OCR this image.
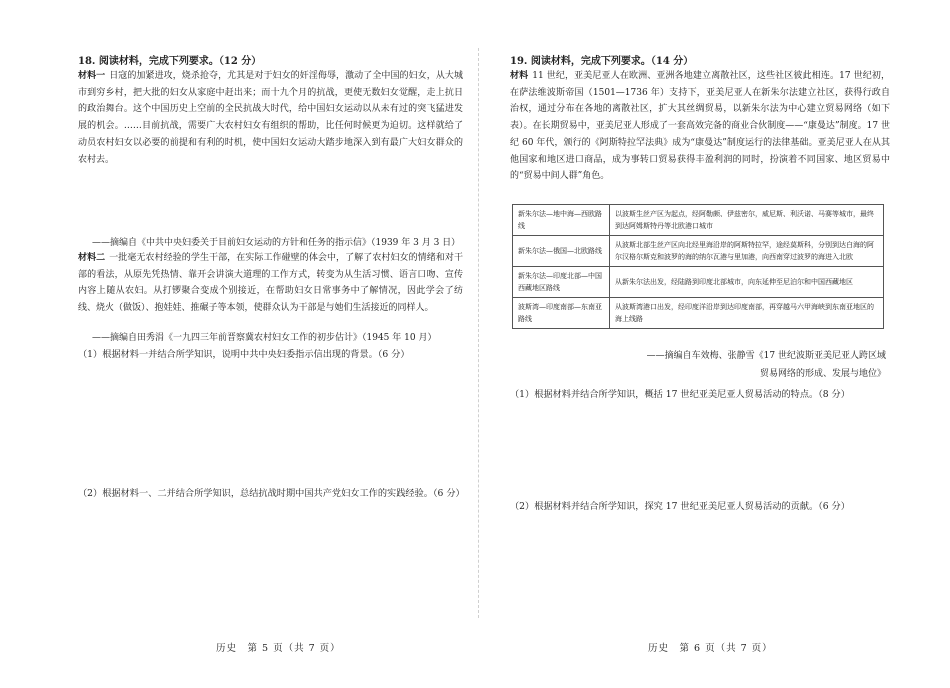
18. 阅读材料，完成下列要求。（12 分）
材料一 日寇的加紧进攻，烧杀抢夺，尤其是对于妇女的奸淫侮辱，激动了全中国的妇女，从大城市到穷乡村，把大批的妇女从家庭中赶出来；而十九个月的抗战，更使无数妇女觉醒，走上抗日的政治舞台。这个中国历史上空前的全民抗战大时代，给中国妇女运动以从未有过的突飞猛进发展的机会。……目前抗战，需要广大农村妇女有组织的帮助，比任何时候更为迫切。这样就给了动员农村妇女以必要的前提和有利的时机，使中国妇女运动大踏步地深入到有最广大妇女群众的农村去。
——摘编自《中共中央妇委关于目前妇女运动的方针和任务的指示信》（1939 年 3 月 3 日）
材料二 一批毫无农村经验的学生干部，在实际工作碰壁的体会中，了解了农村妇女的情绪和对干部的看法，从原先凭热情、靠开会讲演大道理的工作方式，转变为从生活习惯、语言口吻、宣传内容上随从农妇。从打锣聚合变成个别接近，在帮助妇女日常事务中了解情况，因此学会了纺线、烧火（做饭）、抱娃娃、推碾子等本领，使群众认为干部是与她们生活接近的同样人。
——摘编自田秀涓《一九四三年前晋察冀农村妇女工作的初步估计》（1945 年 10 月）
（1）根据材料一并结合所学知识，说明中共中央妇委指示信出现的背景。（6 分）
（2）根据材料一、二并结合所学知识，总结抗战时期中国共产党妇女工作的实践经验。（6 分）
历史　第 5 页（共 7 页）
19. 阅读材料，完成下列要求。（14 分）
材料 11 世纪，亚美尼亚人在欧洲、亚洲各地建立离散社区，这些社区彼此相连。17 世纪初，在萨法维波斯帝国（1501—1736 年）支持下，亚美尼亚人在新朱尔法建立社区，获得行政自治权，通过分布在各地的离散社区，扩大其丝绸贸易，以新朱尔法为中心建立贸易网络（如下表）。在长期贸易中，亚美尼亚人形成了一套高效完备的商业合伙制度——“康曼达”制度。17 世纪 60 年代，颁行的《阿斯特拉罕法典》成为“康曼达”制度运行的法律基础。亚美尼亚人在从其他国家和地区进口商品，成为事转口贸易获得丰盈利润的同时，扮演着不同国家、地区贸易中的“贸易中间人群”角色。
新朱尔法—地中海—西欧路线	以波斯生丝产区为起点，经阿勒颇、伊兹密尔，威尼斯、利沃诺、马赛等城市，最终到达阿姆斯特丹等北欧港口城市
新朱尔法—俄国—北欧路线	从波斯北部生丝产区向北经里海沿岸的阿斯特拉罕，途经莫斯科，分别到达白海的阿尔汉格尔斯克和波罗的海的纳尔瓦港与里加港，向西南穿过波罗的海进入北欧
新朱尔法—印度北部—中国西藏地区路线	从新朱尔法出发，经陆路到印度北部城市，向东延伸至尼泊尔和中国西藏地区
波斯湾—印度南部—东南亚路线	从波斯湾港口出发，经印度洋沿岸到达印度南部，再穿越马六甲海峡到东南亚地区的海上线路
——摘编自车效梅、张静雪《17 世纪波斯亚美尼亚人跨区域
贸易网络的形成、发展与地位》
（1）根据材料并结合所学知识，概括 17 世纪亚美尼亚人贸易活动的特点。（8 分）
（2）根据材料并结合所学知识，探究 17 世纪亚美尼亚人贸易活动的贡献。（6 分）
历史　第 6 页（共 7 页）
